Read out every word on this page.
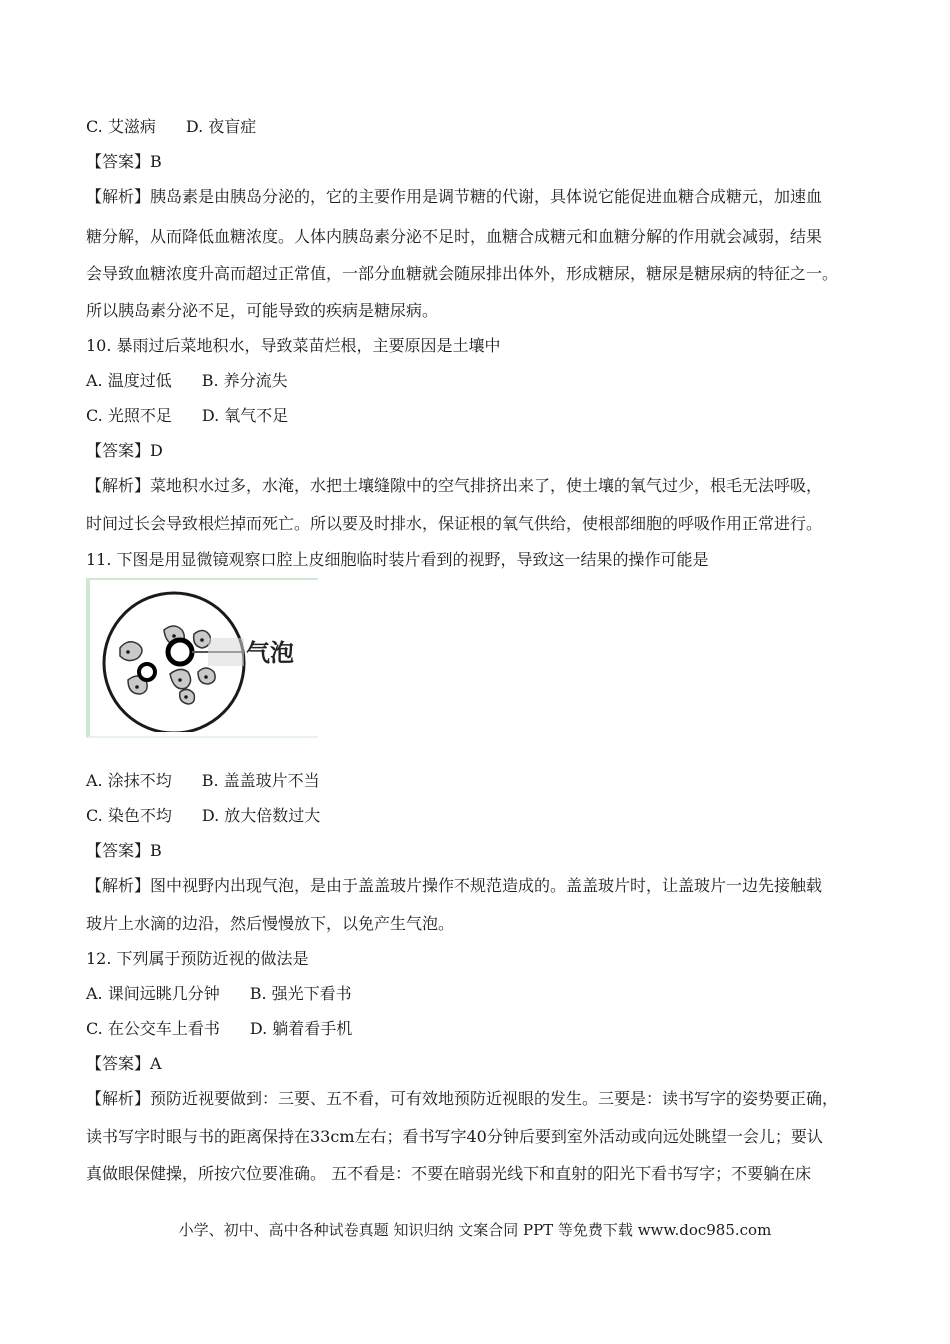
C. 艾滋病 D. 夜盲症
【答案】B
【解析】胰岛素是由胰岛分泌的，它的主要作用是调节糖的代谢，具体说它能促进血糖合成糖元，加速血
糖分解，从而降低血糖浓度。人体内胰岛素分泌不足时，血糖合成糖元和血糖分解的作用就会减弱，结果
会导致血糖浓度升高而超过正常值，一部分血糖就会随尿排出体外，形成糖尿，糖尿是糖尿病的特征之一。
所以胰岛素分泌不足，可能导致的疾病是糖尿病。
10. 暴雨过后菜地积水，导致菜苗烂根，主要原因是土壤中
A. 温度过低 B. 养分流失
C. 光照不足 D. 氧气不足
【答案】D
【解析】菜地积水过多，水淹，水把土壤缝隙中的空气排挤出来了，使土壤的氧气过少，根毛无法呼吸，
时间过长会导致根烂掉而死亡。所以要及时排水，保证根的氧气供给，使根部细胞的呼吸作用正常进行。
11. 下图是用显微镜观察口腔上皮细胞临时装片看到的视野，导致这一结果的操作可能是
气泡
A. 涂抹不均 B. 盖盖玻片不当
C. 染色不均 D. 放大倍数过大
【答案】B
【解析】图中视野内出现气泡，是由于盖盖玻片操作不规范造成的。盖盖玻片时，让盖玻片一边先接触载
玻片上水滴的边沿，然后慢慢放下，以免产生气泡。
12. 下列属于预防近视的做法是
A. 课间远眺几分钟 B. 强光下看书
C. 在公交车上看书 D. 躺着看手机
【答案】A
【解析】预防近视要做到：三要、五不看，可有效地预防近视眼的发生。三要是：读书写字的姿势要正确，
读书写字时眼与书的距离保持在33cm左右；看书写字40分钟后要到室外活动或向远处眺望一会儿；要认
真做眼保健操，所按穴位要准确。 五不看是：不要在暗弱光线下和直射的阳光下看书写字；不要躺在床
小学、初中、高中各种试卷真题 知识归纳 文案合同 PPT 等免费下载 www.doc985.com
